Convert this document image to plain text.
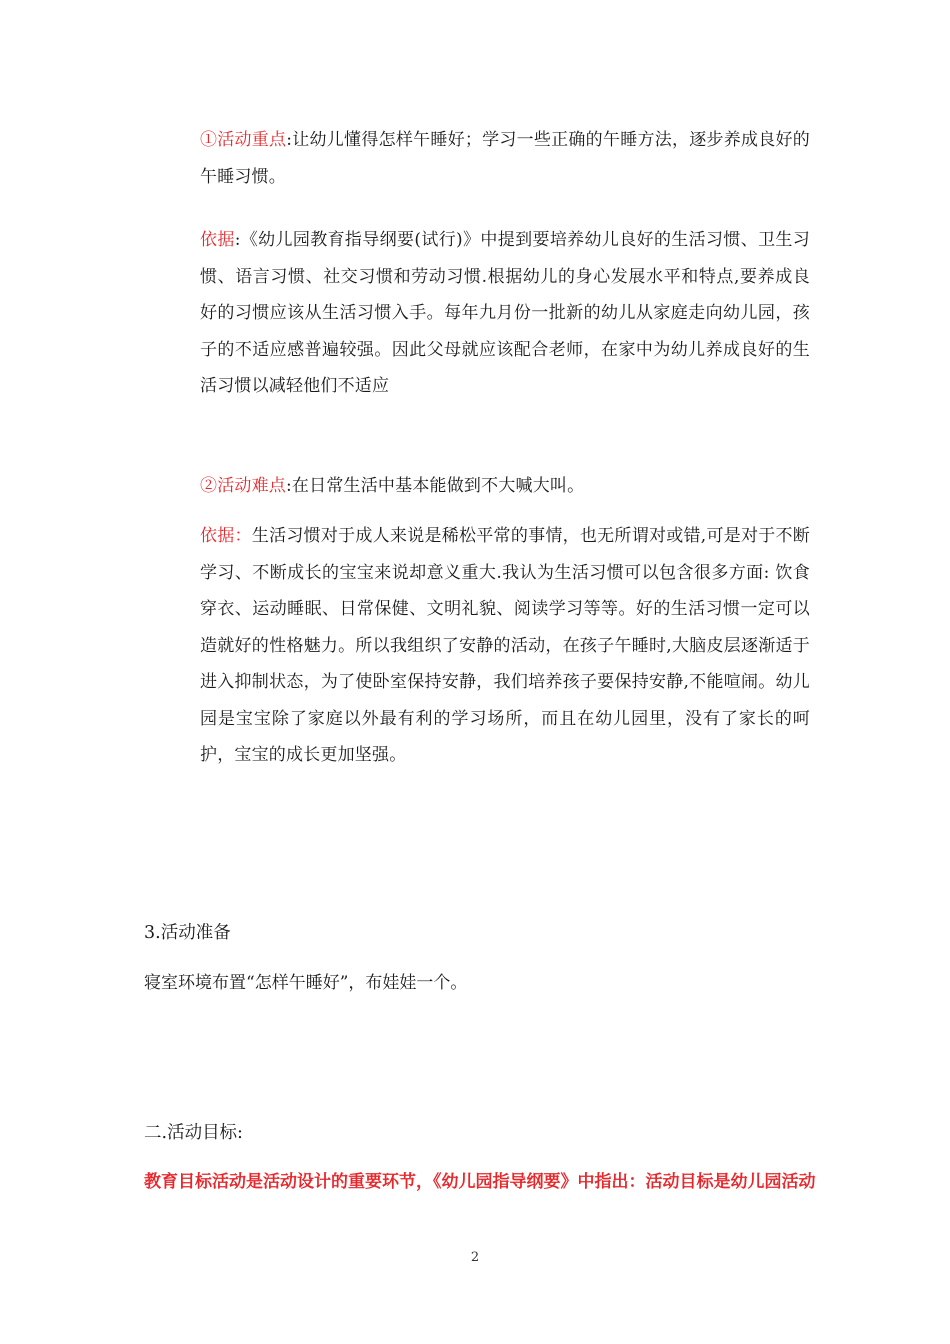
①活动重点:让幼儿懂得怎样午睡好；学习一些正确的午睡方法，逐步养成良好的午睡习惯。
依据:《幼儿园教育指导纲要(试行)》中提到要培养幼儿良好的生活习惯、卫生习惯、语言习惯、社交习惯和劳动习惯.根据幼儿的身心发展水平和特点,要养成良好的习惯应该从生活习惯入手。每年九月份一批新的幼儿从家庭走向幼儿园，孩子的不适应感普遍较强。因此父母就应该配合老师，在家中为幼儿养成良好的生活习惯以减轻他们不适应
②活动难点:在日常生活中基本能做到不大喊大叫。
依据：生活习惯对于成人来说是稀松平常的事情，也无所谓对或错,可是对于不断学习、不断成长的宝宝来说却意义重大.我认为生活习惯可以包含很多方面: 饮食穿衣、运动睡眠、日常保健、文明礼貌、阅读学习等等。好的生活习惯一定可以造就好的性格魅力。所以我组织了安静的活动，在孩子午睡时,大脑皮层逐渐适于进入抑制状态，为了使卧室保持安静，我们培养孩子要保持安静,不能喧闹。幼儿园是宝宝除了家庭以外最有利的学习场所，而且在幼儿园里，没有了家长的呵护，宝宝的成长更加坚强。
3.活动准备
寝室环境布置“怎样午睡好”，布娃娃一个。
二.活动目标:
教育目标活动是活动设计的重要环节，《幼儿园指导纲要》中指出：活动目标是幼儿园活动
2
